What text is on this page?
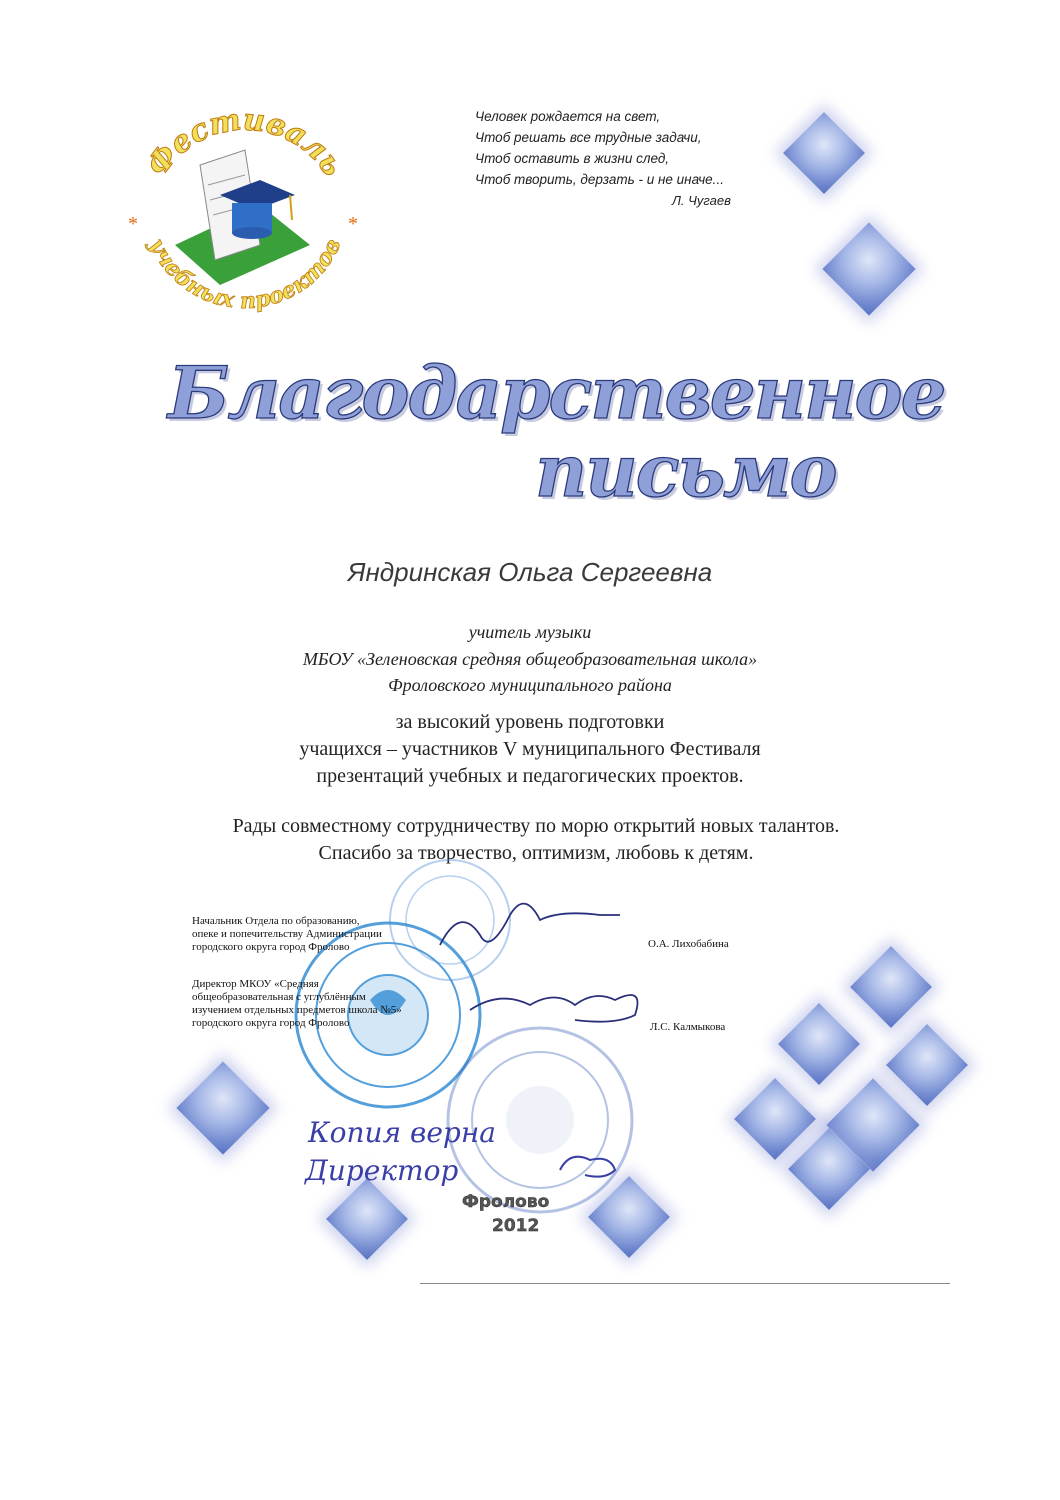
Фестиваль
учебных проектов
*	*
Человек рождается на свет,
Чтоб решать все трудные задачи,
Чтоб оставить в жизни след,
Чтоб творить, дерзать - и не иначе...
Л. Чугаев
Благодарственное
письмо
Яндринская Ольга Сергеевна
учитель музыки
МБОУ «Зеленовская средняя общеобразовательная школа»
Фроловского муниципального района
за высокий уровень подготовки
учащихся – участников V муниципального Фестиваля
презентаций учебных и педагогических проектов.
Рады совместному сотрудничеству по морю открытий новых талантов.
Спасибо за творчество, оптимизм, любовь к детям.
Копия верна
Директор
Начальник Отдела по образованию,
опеке и попечительству Администрации
городского округа город Фролово	О.А. Лихобабина
Директор МКОУ «Средняя
общеобразовательная с углублённым
изучением отдельных предметов школа №5»
городского округа город Фролово	Л.С. Калмыкова
Фролово
2012
